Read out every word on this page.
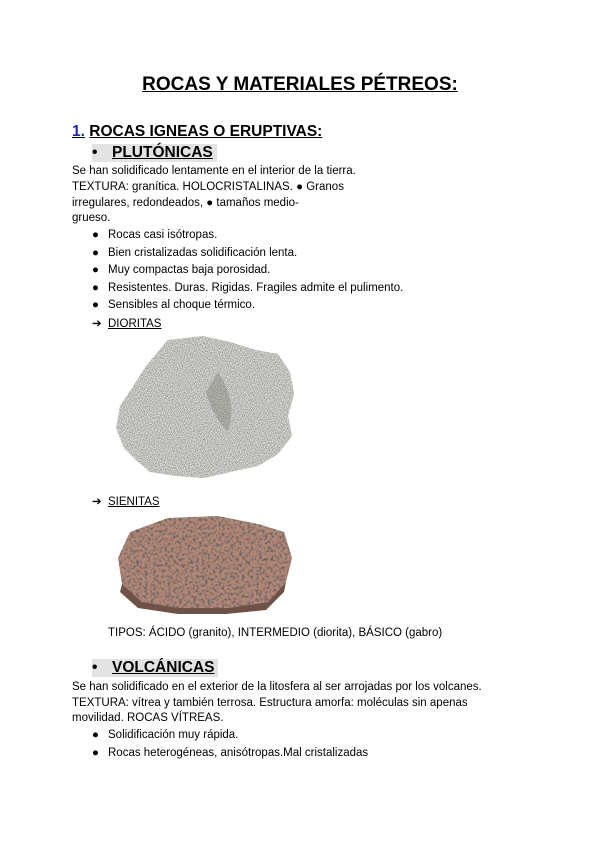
ROCAS Y MATERIALES PÉTREOS:
1. ROCAS IGNEAS O ERUPTIVAS:
• PLUTÓNICAS
Se han solidificado lentamente en el interior de la tierra.
TEXTURA: granítica. HOLOCRISTALINAS. ● Granos
irregulares, redondeados, ● tamaños medio-
grueso.
● Rocas casi isótropas.
● Bien cristalizadas solidificación lenta.
● Muy compactas baja porosidad.
● Resistentes. Duras. Rigidas. Fragiles admite el pulimento.
● Sensibles al choque térmico.
➔ DIORITAS
➔ SIENITAS
TIPOS: ÁCIDO (granito), INTERMEDIO (diorita), BÁSICO (gabro)
• VOLCÁNICAS
Se han solidificado en el exterior de la litosfera al ser arrojadas por los volcanes.
TEXTURA: vítrea y también terrosa. Estructura amorfa: moléculas sin apenas
movilidad. ROCAS VÍTREAS.
● Solidificación muy rápida.
● Rocas heterogéneas, anisótropas.Mal cristalizadas
